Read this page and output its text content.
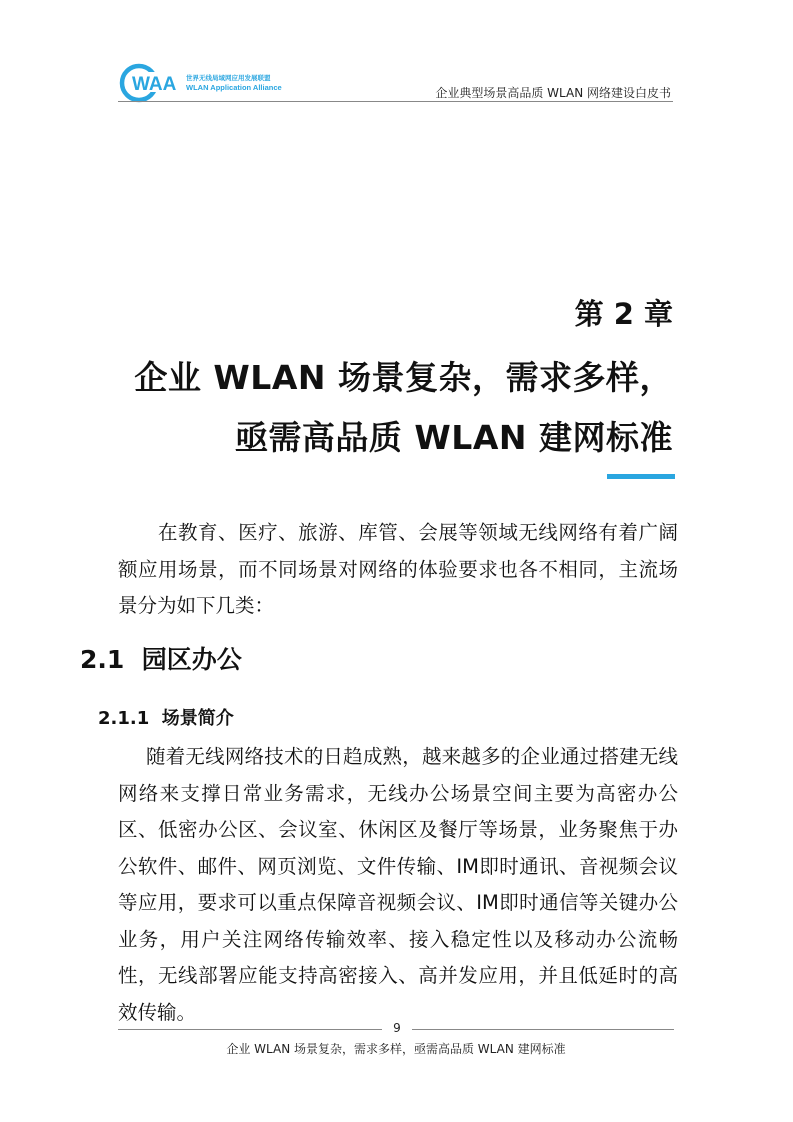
WAA 世界无线局域网应用发展联盟
WLAN Application Alliance	企业典型场景高品质 WLAN 网络建设白皮书
第 2 章
企业 WLAN 场景复杂，需求多样，
亟需高品质 WLAN 建网标准
在教育、医疗、旅游、库管、会展等领域无线网络有着广阔额应用场景，而不同场景对网络的体验要求也各不相同，主流场景分为如下几类：
2.1 园区办公
2.1.1 场景简介
随着无线网络技术的日趋成熟，越来越多的企业通过搭建无线网络来支撑日常业务需求，无线办公场景空间主要为高密办公区、低密办公区、会议室、休闲区及餐厅等场景，业务聚焦于办公软件、邮件、网页浏览、文件传输、IM即时通讯、音视频会议等应用，要求可以重点保障音视频会议、IM即时通信等关键办公业务，用户关注网络传输效率、接入稳定性以及移动办公流畅性，无线部署应能支持高密接入、高并发应用，并且低延时的高效传输。
9
企业 WLAN 场景复杂，需求多样，亟需高品质 WLAN 建网标准
